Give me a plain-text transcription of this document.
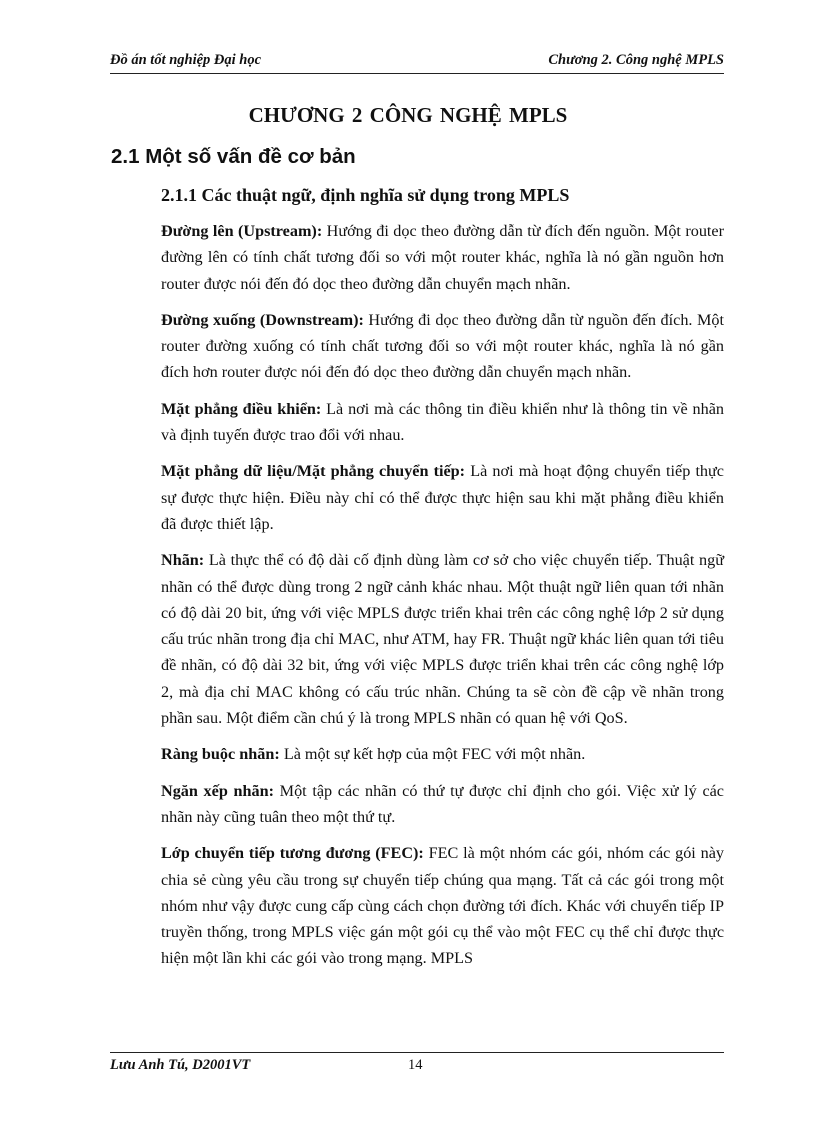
Đồ án tốt nghiệp Đại học	Chương 2. Công nghệ MPLS
CHƯƠNG 2 CÔNG NGHỆ MPLS
2.1 Một số vấn đề cơ bản
2.1.1 Các thuật ngữ, định nghĩa sử dụng trong MPLS

Đường lên (Upstream): Hướng đi dọc theo đường dẫn từ đích đến nguồn. Một router đường lên có tính chất tương đối so với một router khác, nghĩa là nó gần nguồn hơn router được nói đến đó dọc theo đường dẫn chuyển mạch nhãn.

Đường xuống (Downstream): Hướng đi dọc theo đường dẫn từ nguồn đến đích. Một router đường xuống có tính chất tương đối so với một router khác, nghĩa là nó gần đích hơn router được nói đến đó dọc theo đường dẫn chuyển mạch nhãn.

Mặt phẳng điều khiển: Là nơi mà các thông tin điều khiển như là thông tin về nhãn và định tuyến được trao đổi với nhau.

Mặt phẳng dữ liệu/Mặt phẳng chuyển tiếp: Là nơi mà hoạt động chuyển tiếp thực sự được thực hiện. Điều này chỉ có thể được thực hiện sau khi mặt phẳng điều khiển đã được thiết lập.

Nhãn: Là thực thể có độ dài cố định dùng làm cơ sở cho việc chuyển tiếp. Thuật ngữ nhãn có thể được dùng trong 2 ngữ cảnh khác nhau. Một thuật ngữ liên quan tới nhãn có độ dài 20 bit, ứng với việc MPLS được triển khai trên các công nghệ lớp 2 sử dụng cấu trúc nhãn trong địa chỉ MAC, như ATM, hay FR. Thuật ngữ khác liên quan tới tiêu đề nhãn, có độ dài 32 bit, ứng với việc MPLS được triển khai trên các công nghệ lớp 2, mà địa chỉ MAC không có cấu trúc nhãn. Chúng ta sẽ còn đề cập về nhãn trong phần sau. Một điểm cần chú ý là trong MPLS nhãn có quan hệ với QoS.

Ràng buộc nhãn: Là một sự kết hợp của một FEC với một nhãn.

Ngăn xếp nhãn: Một tập các nhãn có thứ tự được chỉ định cho gói. Việc xử lý các nhãn này cũng tuân theo một thứ tự.

Lớp chuyển tiếp tương đương (FEC): FEC là một nhóm các gói, nhóm các gói này chia sẻ cùng yêu cầu trong sự chuyển tiếp chúng qua mạng. Tất cả các gói trong một nhóm như vậy được cung cấp cùng cách chọn đường tới đích. Khác với chuyển tiếp IP truyền thống, trong MPLS việc gán một gói cụ thể vào một FEC cụ thể chỉ được thực hiện một lần khi các gói vào trong mạng. MPLS

Lưu Anh Tú, D2001VT	14
